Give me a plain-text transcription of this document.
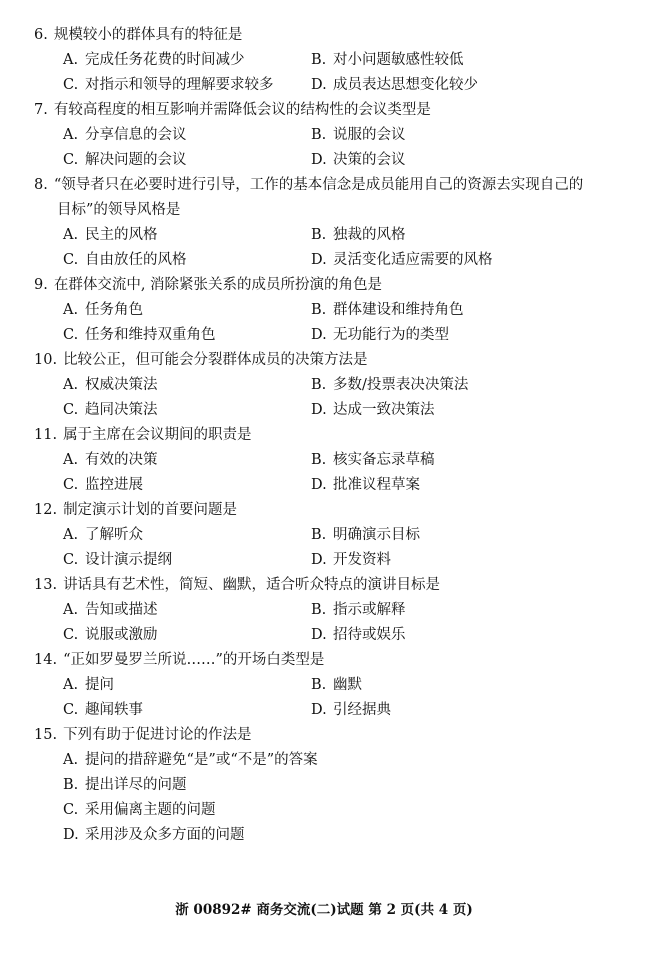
6. 规模较小的群体具有的特征是
A. 完成任务花费的时间减少	B. 对小问题敏感性较低
C. 对指示和领导的理解要求较多	D. 成员表达思想变化较少
7. 有较高程度的相互影响并需降低会议的结构性的会议类型是
A. 分享信息的会议	B. 说服的会议
C. 解决问题的会议	D. 决策的会议
8. “领导者只在必要时进行引导，工作的基本信念是成员能用自己的资源去实现自己的
目标”的领导风格是
A. 民主的风格	B. 独裁的风格
C. 自由放任的风格	D. 灵活变化适应需要的风格
9. 在群体交流中, 消除紧张关系的成员所扮演的角色是
A. 任务角色	B. 群体建设和维持角色
C. 任务和维持双重角色	D. 无功能行为的类型
10. 比较公正，但可能会分裂群体成员的决策方法是
A. 权威决策法	B. 多数/投票表决决策法
C. 趋同决策法	D. 达成一致决策法
11. 属于主席在会议期间的职责是
A. 有效的决策	B. 核实备忘录草稿
C. 监控进展	D. 批准议程草案
12. 制定演示计划的首要问题是
A. 了解听众	B. 明确演示目标
C. 设计演示提纲	D. 开发资料
13. 讲话具有艺术性，简短、幽默，适合听众特点的演讲目标是
A. 告知或描述	B. 指示或解释
C. 说服或激励	D. 招待或娱乐
14. “正如罗曼罗兰所说……”的开场白类型是
A. 提问	B. 幽默
C. 趣闻轶事	D. 引经据典
15. 下列有助于促进讨论的作法是
A. 提问的措辞避免“是”或“不是”的答案
B. 提出详尽的问题
C. 采用偏离主题的问题
D. 采用涉及众多方面的问题
浙 00892# 商务交流(二)试题 第 2 页(共 4 页)
